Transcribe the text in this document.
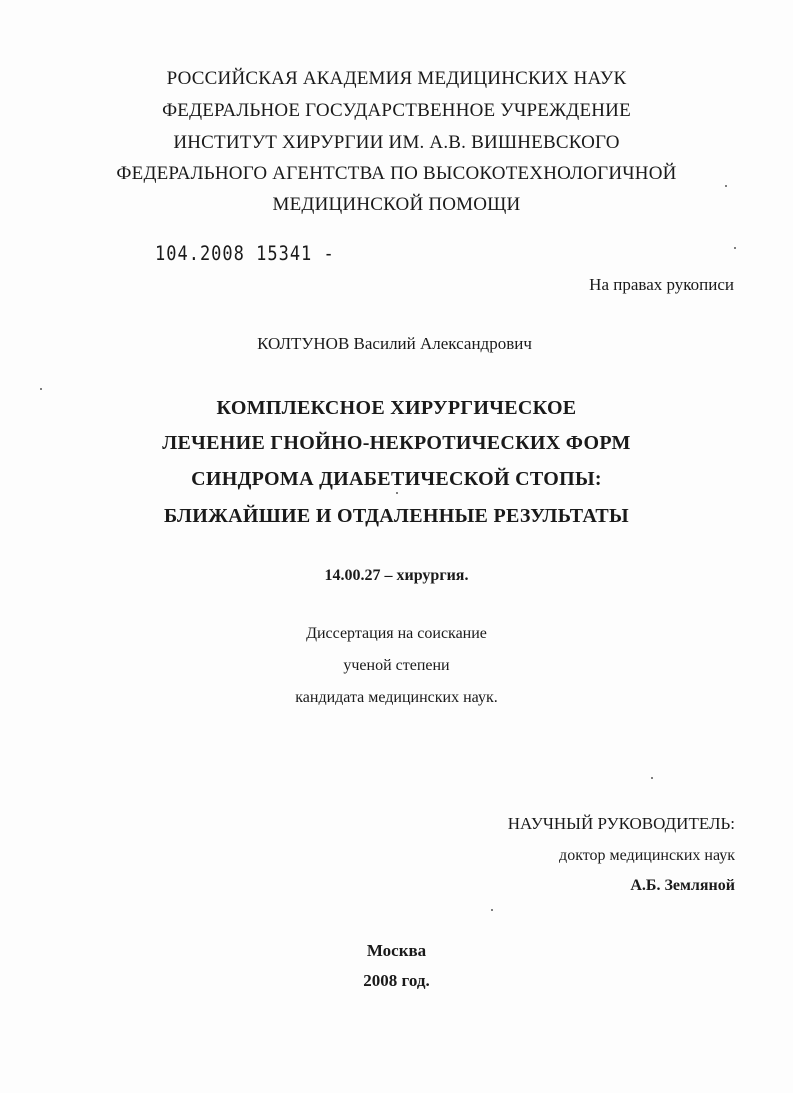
РОССИЙСКАЯ АКАДЕМИЯ МЕДИЦИНСКИХ НАУК
ФЕДЕРАЛЬНОЕ ГОСУДАРСТВЕННОЕ УЧРЕЖДЕНИЕ
ИНСТИТУТ ХИРУРГИИ ИМ. А.В. ВИШНЕВСКОГО
ФЕДЕРАЛЬНОГО АГЕНТСТВА ПО ВЫСОКОТЕХНОЛОГИЧНОЙ
МЕДИЦИНСКОЙ ПОМОЩИ
104.2008 15341 -
На правах рукописи
КОЛТУНОВ Василий Александрович
КОМПЛЕКСНОЕ ХИРУРГИЧЕСКОЕ
ЛЕЧЕНИЕ ГНОЙНО-НЕКРОТИЧЕСКИХ ФОРМ
СИНДРОМА ДИАБЕТИЧЕСКОЙ СТОПЫ:
БЛИЖАЙШИЕ И ОТДАЛЕННЫЕ РЕЗУЛЬТАТЫ
14.00.27 – хирургия.
Диссертация на соискание
ученой степени
кандидата медицинских наук.
НАУЧНЫЙ РУКОВОДИТЕЛЬ:
доктор медицинских наук
А.Б. Земляной
Москва
2008 год.
